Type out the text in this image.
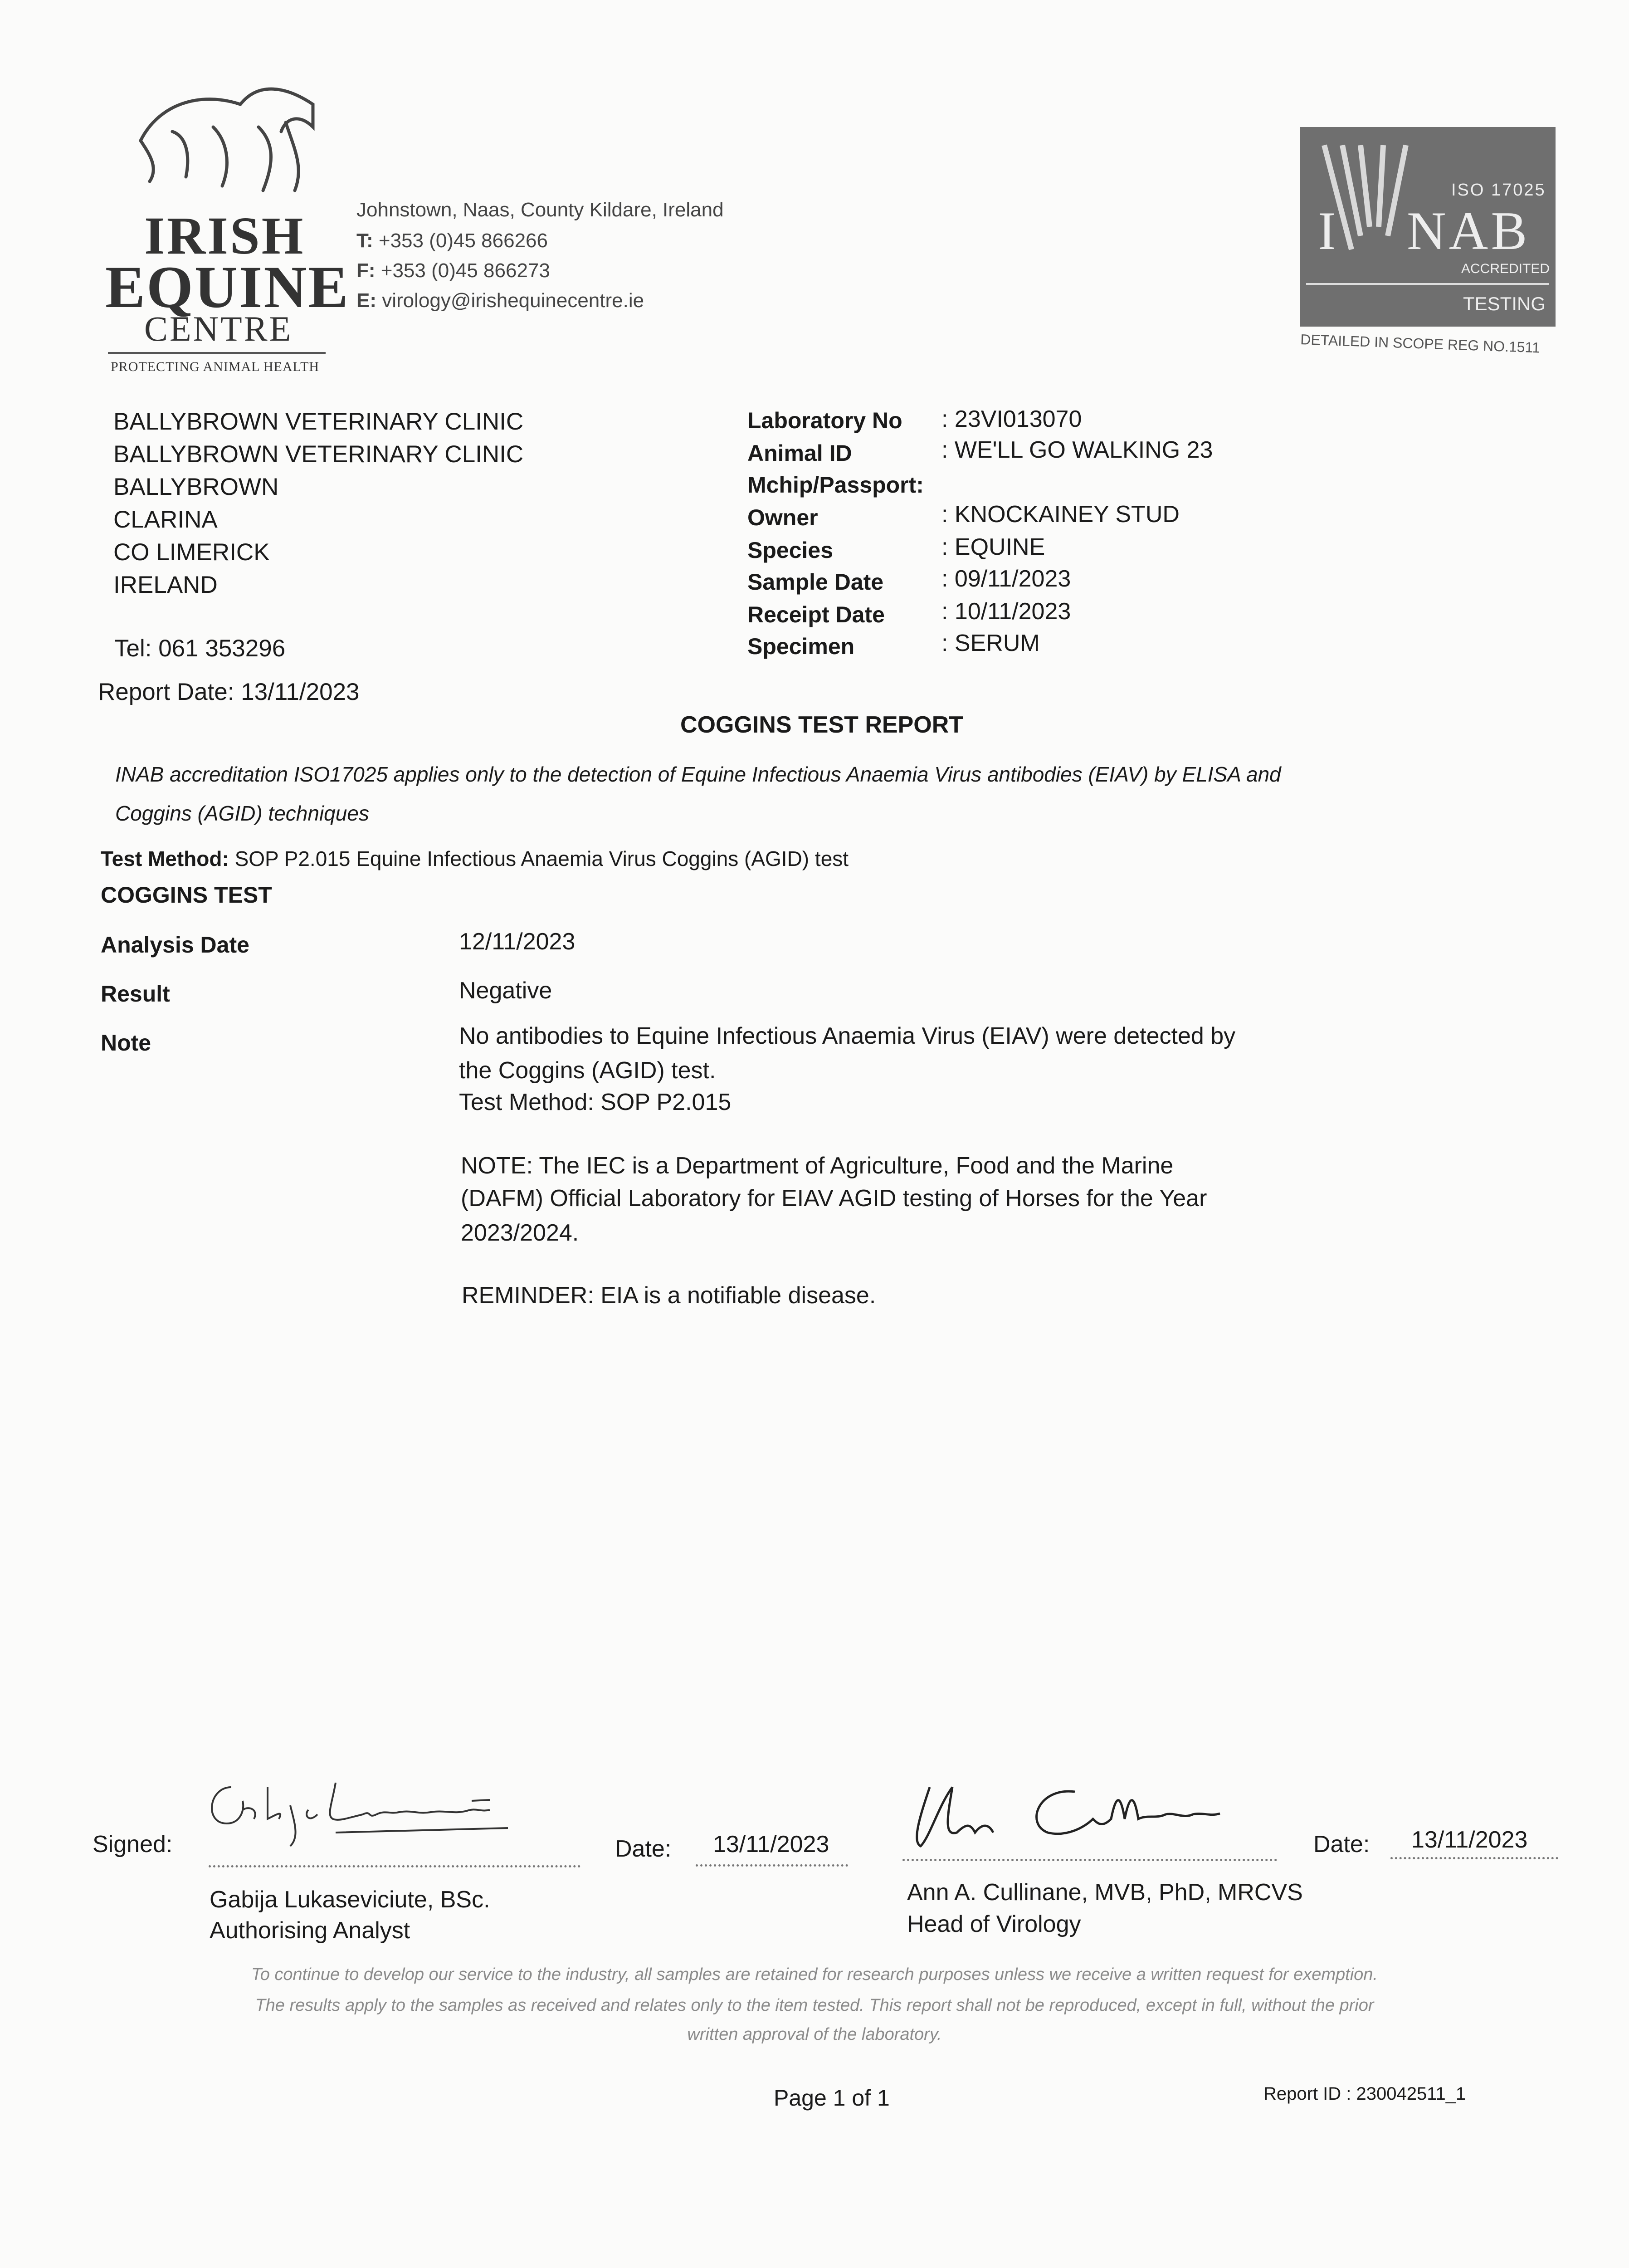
IRISH
EQUINE
CENTRE
PROTECTING ANIMAL HEALTH
Johnstown, Naas, County Kildare, Ireland
T: +353 (0)45 866266
F: +353 (0)45 866273
E: virology@irishequinecentre.ie
ISO 17025
I NAB
ACCREDITED
TESTING
DETAILED IN SCOPE REG NO.1511
BALLYBROWN VETERINARY CLINIC
BALLYBROWN VETERINARY CLINIC
BALLYBROWN
CLARINA
CO LIMERICK
IRELAND
Tel: 061 353296
Report Date: 13/11/2023
Laboratory No : 23VI013070
Animal ID	: WE'LL GO WALKING 23
Mchip/Passport:
Owner	: KNOCKAINEY STUD
Species	: EQUINE
Sample Date : 09/11/2023
Receipt Date : 10/11/2023
Specimen	: SERUM
COGGINS TEST REPORT
INAB accreditation ISO17025 applies only to the detection of Equine Infectious Anaemia Virus antibodies (EIAV) by ELISA and
Coggins (AGID) techniques
Test Method: SOP P2.015 Equine Infectious Anaemia Virus Coggins (AGID) test
COGGINS TEST
Analysis Date	12/11/2023
Result	Negative
Note	No antibodies to Equine Infectious Anaemia Virus (EIAV) were detected by
the Coggins (AGID) test.
Test Method: SOP P2.015
NOTE: The IEC is a Department of Agriculture, Food and the Marine
(DAFM) Official Laboratory for EIAV AGID testing of Horses for the Year
2023/2024.
REMINDER: EIA is a notifiable disease.
Signed:	Date: 13/11/2023	Date: 13/11/2023
Gabija Lukaseviciute, BSc.
Authorising Analyst
Ann A. Cullinane, MVB, PhD, MRCVS
Head of Virology
To continue to develop our service to the industry, all samples are retained for research purposes unless we receive a written request for exemption.
The results apply to the samples as received and relates only to the item tested. This report shall not be reproduced, except in full, without the prior
written approval of the laboratory.
Page 1 of 1	Report ID : 230042511_1
